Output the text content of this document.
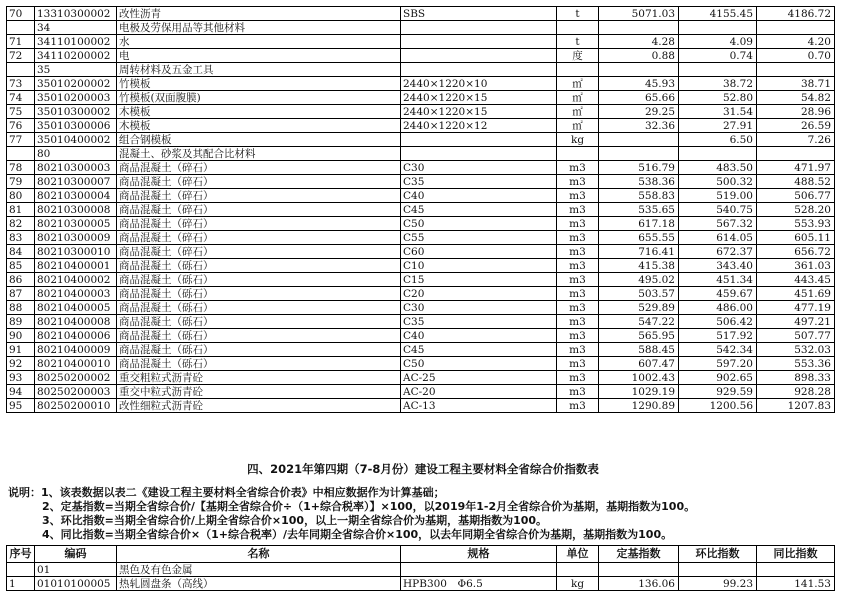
70	13310300002	改性沥青	SBS	t	5071.03	4155.45	4186.72
	34	电极及劳保用品等其他材料					
71	34110100002	水		t	4.28	4.09	4.20
72	34110200002	电		度	0.88	0.74	0.70
	35	周转材料及五金工具					
73	35010200002	竹模板	2440×1220×10	㎡	45.93	38.72	38.71
74	35010200003	竹模板(双面腹膜)	2440×1220×15	㎡	65.66	52.80	54.82
75	35010300002	木模板	2440×1220×15	㎡	29.25	31.54	28.96
76	35010300006	木模板	2440×1220×12	㎡	32.36	27.91	26.59
77	35010400002	组合钢模板		kg		6.50	7.26
	80	混凝土、砂浆及其配合比材料					
78	80210300003	商品混凝土（碎石）	C30	m3	516.79	483.50	471.97
79	80210300007	商品混凝土（碎石）	C35	m3	538.36	500.32	488.52
80	80210300004	商品混凝土（碎石）	C40	m3	558.83	519.00	506.77
81	80210300008	商品混凝土（碎石）	C45	m3	535.65	540.75	528.20
82	80210300005	商品混凝土（碎石）	C50	m3	617.18	567.32	553.93
83	80210300009	商品混凝土（碎石）	C55	m3	655.55	614.05	605.11
84	80210300010	商品混凝土（碎石）	C60	m3	716.41	672.37	656.72
85	80210400001	商品混凝土（砾石）	C10	m3	415.38	343.40	361.03
86	80210400002	商品混凝土（砾石）	C15	m3	495.02	451.34	443.45
87	80210400003	商品混凝土（砾石）	C20	m3	503.57	459.67	451.69
88	80210400005	商品混凝土（砾石）	C30	m3	529.89	486.00	477.19
89	80210400008	商品混凝土（砾石）	C35	m3	547.22	506.42	497.21
90	80210400006	商品混凝土（砾石）	C40	m3	565.95	517.92	507.77
91	80210400009	商品混凝土（砾石）	C45	m3	588.45	542.34	532.03
92	80210400010	商品混凝土（砾石）	C50	m3	607.47	597.20	553.36
93	80250200002	重交粗粒式沥青砼	AC-25	m3	1002.43	902.65	898.33
94	80250200003	重交中粒式沥青砼	AC-20	m3	1029.19	929.59	928.28
95	80250200010	改性细粒式沥青砼	AC-13	m3	1290.89	1200.56	1207.83
四、2021年第四期（7-8月份）建设工程主要材料全省综合价指数表
说明：1、该表数据以表二《建设工程主要材料全省综合价表》中相应数据作为计算基础；
2、定基指数=当期全省综合价/【基期全省综合价÷（1+综合税率）】×100，以2019年1-2月全省综合价为基期，基期指数为100。
3、环比指数=当期全省综合价/上期全省综合价×100，以上一期全省综合价为基期，基期指数为100。
4、同比指数=当期全省综合价×（1+综合税率）/去年同期全省综合价×100，以去年同期全省综合价为基期，基期指数为100。
序号	编码	名称	规格	单位	定基指数	环比指数	同比指数
	01	黑色及有色金属					
1	01010100005	热轧圆盘条（高线）	HPB300　Φ6.5	kg	136.06	99.23	141.53
